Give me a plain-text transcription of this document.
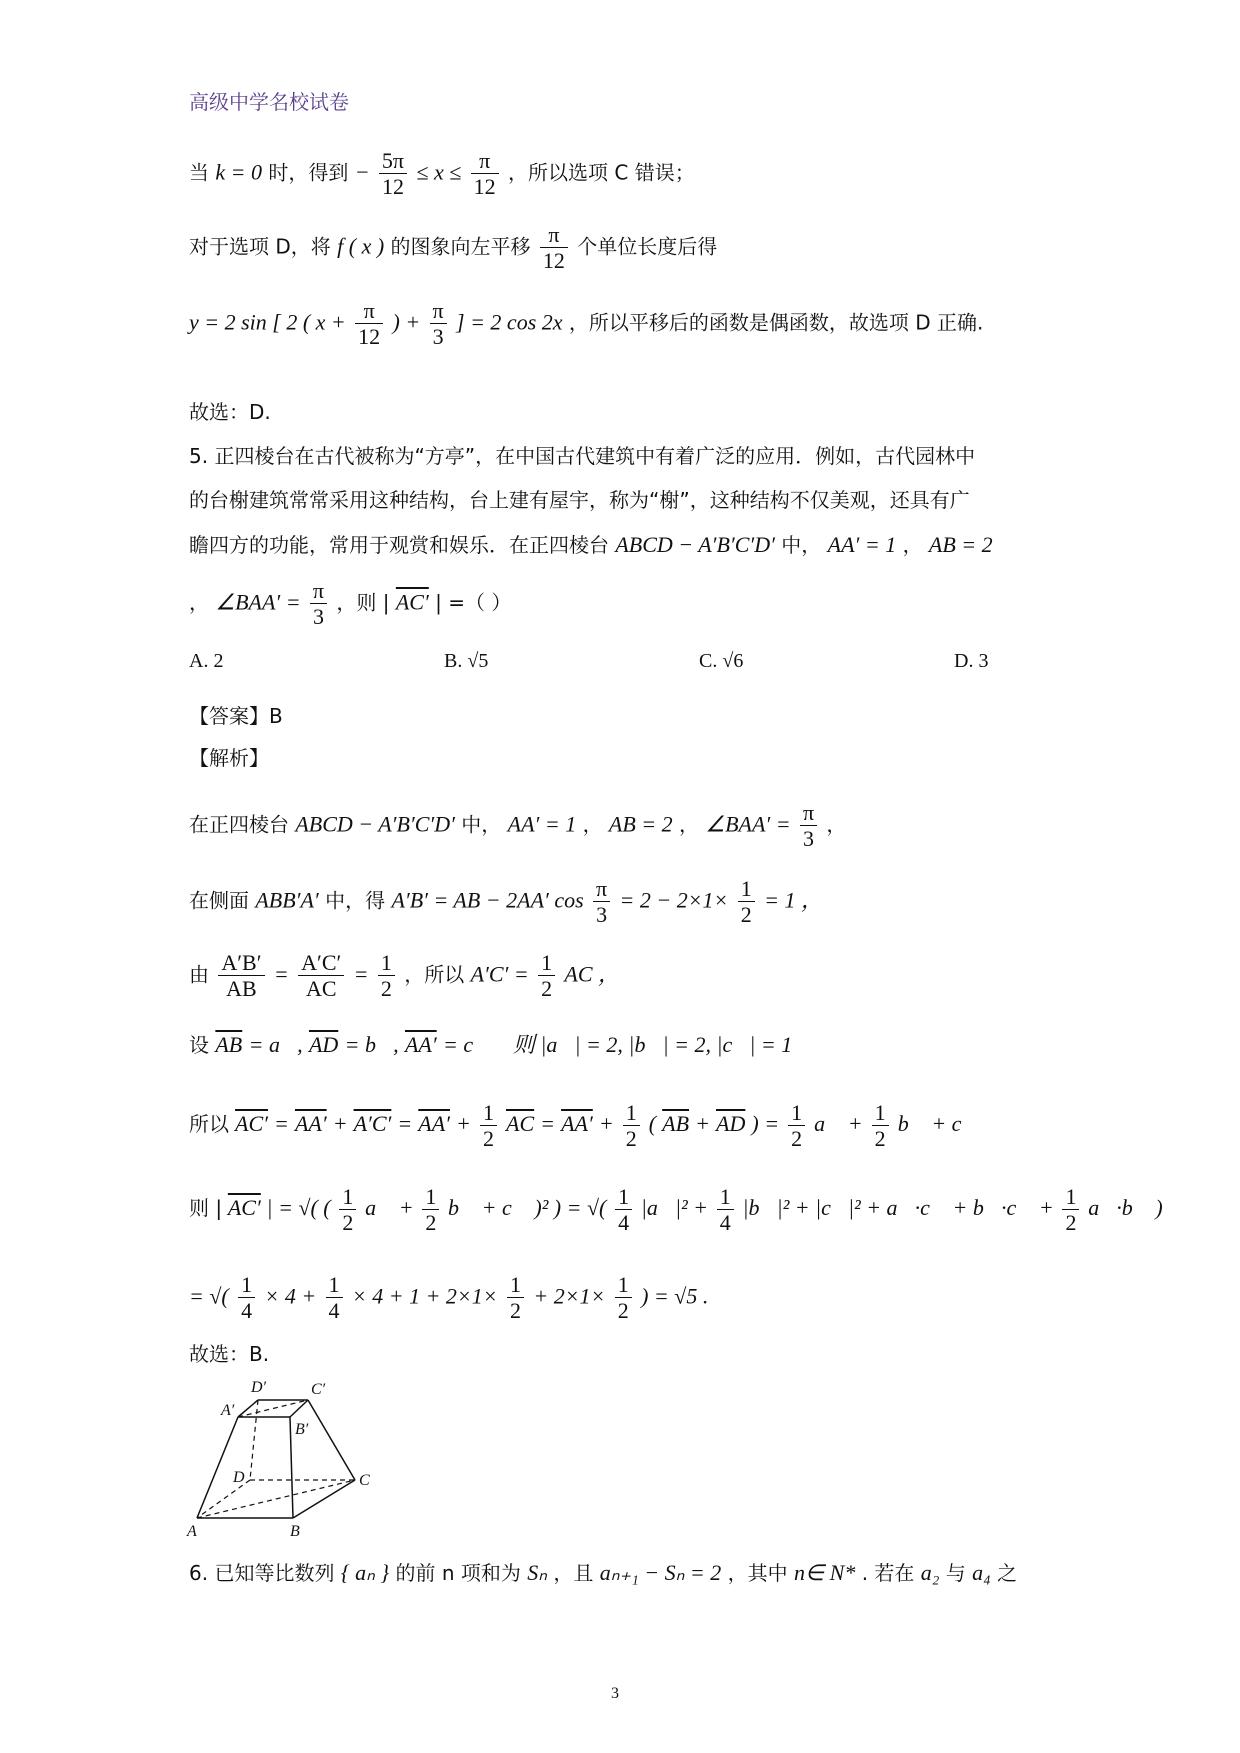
高级中学名校试卷
当 k = 0 时，得到 − $\frac{5\pi}{12} \le x \le \frac{\pi}{12}$ ，所以选项 C 错误；
对于选项 D，将 f ( x ) 的图象向左平移 $\frac{\pi}{12}$ 个单位长度后得
y = 2 sin [ 2 ( $x + \frac{\pi}{12}$ ) + $\frac{\pi}{3}$ ] = 2 cos 2x ，所以平移后的函数是偶函数，故选项 D 正确.
故选：D.
5. 正四棱台在古代被称为“方亭”，在中国古代建筑中有着广泛的应用．例如，古代园林中
的台榭建筑常常采用这种结构，台上建有屋宇，称为“榭”，这种结构不仅美观，还具有广
瞻四方的功能，常用于观赏和娱乐．在正四棱台 ABCD − A′B′C′D′ 中， AA′ = 1 ， AB = 2
， ∠BAA′ = $\frac{\pi}{3}$ ，则 | AC′ | =（ ）
A. 2	B. √5	C. √6	D. 3
【答案】B
【解析】
在正四棱台 ABCD − A′B′C′D′ 中， AA′ = 1 ， AB = 2 ， ∠BAA′ = $\frac{\pi}{3}$ ，
在侧面 ABB′A′ 中，得 A′B′ = AB − 2AA′ $\cos \frac{\pi}{3} = 2 - 2\times 1\times \frac{1}{2} = 1$ ，
由 $\frac{A'B'}{AB} = \frac{A'C'}{AC} = \frac{1}{2}$ ，所以 $A'C' = \frac{1}{2}$ AC ，
设 $\overline{AB}$ = a⃗, $\overline{AD}$ = b⃗, AA′ = c⃗ ，则 |a⃗| = 2, |b⃗| = 2, |c⃗| = 1 ，
所以 $AC' = AA' + A'C' = AA' + \frac{1}{2} \overline{AC} = AA' + \frac{1}{2}$ ( $\overline{AB} + \overline{AD}$ ) = $\frac{1}{2}$ a⃗ + $\frac{1}{2}$ b⃗ + c⃗ ，
则 | AC′ | = √( ( $\frac{1}{2}$ a⃗ + $\frac{1}{2}$ b⃗ + c⃗ )² ) = √( $\frac{1}{4}$ |a⃗|² + $\frac{1}{4}$ |b⃗|² + |c⃗|² + a⃗·c⃗ + b⃗·c⃗ + $\frac{1}{2}$ a⃗·b⃗ )
= √( $\frac{1}{4} \times 4 + \frac{1}{4} \times 4 + 1 + 2\times 1\times \frac{1}{2} + 2\times 1\times \frac{1}{2}$ ) = √5 .
故选：B.
A	B
C
D
A′
B′
C′
D′
6. 已知等比数列 { aₙ } 的前 n 项和为 Sₙ ，且 aₙ₊₁ − Sₙ = 2 ，其中 n∈ N* . 若在 a₂ 与 a₄ 之
3
